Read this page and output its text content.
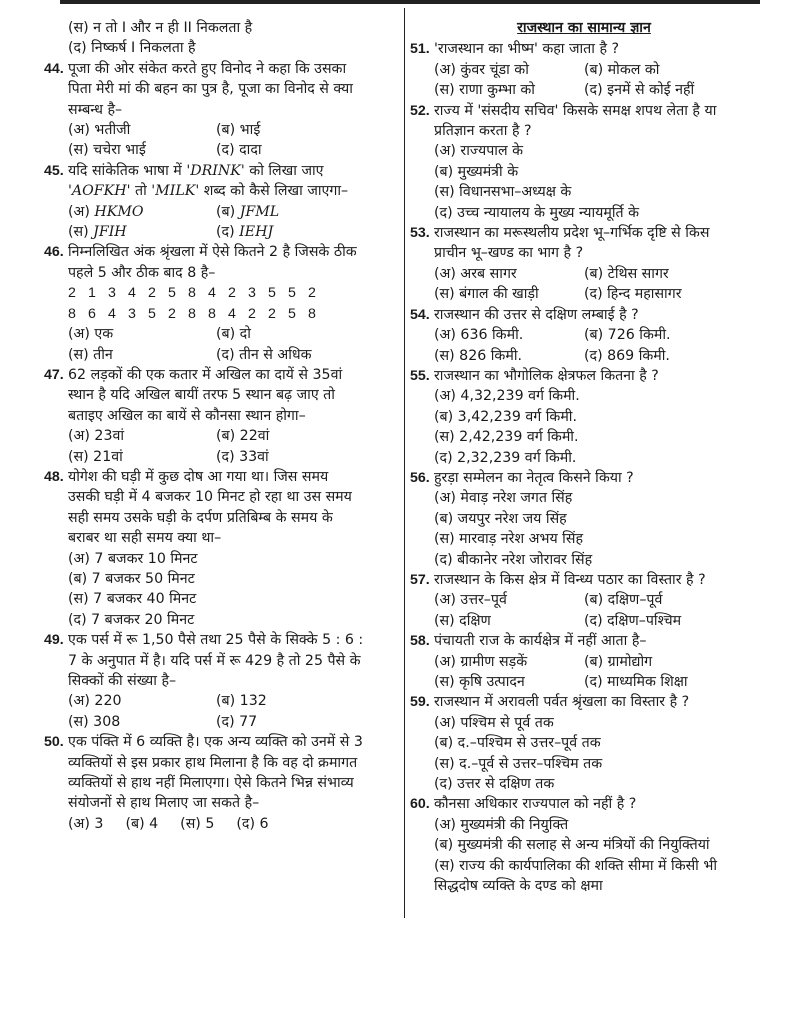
(स) न तो I और न ही II निकलता है
(द) निष्कर्ष I निकलता है
44. पूजा की ओर संकेत करते हुए विनोद ने कहा कि उसका पिता मेरी मां की बहन का पुत्र है, पूजा का विनोद से क्या सम्बन्ध है–
(अ) भतीजी	(ब) भाई
(स) चचेरा भाई	(द) दादा
45. यदि सांकेतिक भाषा में 'DRINK' को लिखा जाए 'AOFKH' तो 'MILK' शब्द को कैसे लिखा जाएगा–
(अ) HKMO	(ब) JFML
(स) JFIH	(द) IEHJ
46. निम्नलिखित अंक श्रृंखला में ऐसे कितने 2 है जिसके ठीक पहले 5 और ठीक बाद 8 है–
2 1 3 4 2 5 8 4 2 3 5 5 2
8 6 4 3 5 2 8 8 4 2 2 5 8
(अ) एक	(ब) दो
(स) तीन	(द) तीन से अधिक
47. 62 लड़कों की एक कतार में अखिल का दायें से 35वां स्थान है यदि अखिल बायीं तरफ 5 स्थान बढ़ जाए तो बताइए अखिल का बायें से कौनसा स्थान होगा–
(अ) 23वां	(ब) 22वां
(स) 21वां	(द) 33वां
48. योगेश की घड़ी में कुछ दोष आ गया था। जिस समय उसकी घड़ी में 4 बजकर 10 मिनट हो रहा था उस समय सही समय उसके घड़ी के दर्पण प्रतिबिम्ब के समय के बराबर था सही समय क्या था–
(अ) 7 बजकर 10 मिनट
(ब) 7 बजकर 50 मिनट
(स) 7 बजकर 40 मिनट
(द) 7 बजकर 20 मिनट
49. एक पर्स में रू 1,50 पैसे तथा 25 पैसे के सिक्के 5 : 6 : 7 के अनुपात में है। यदि पर्स में रू 429 है तो 25 पैसे के सिक्कों की संख्या है–
(अ) 220	(ब) 132
(स) 308	(द) 77
50. एक पंक्ति में 6 व्यक्ति है। एक अन्य व्यक्ति को उनमें से 3 व्यक्तियों से इस प्रकार हाथ मिलाना है कि वह दो क्रमागत व्यक्तियों से हाथ नहीं मिलाएगा। ऐसे कितने भिन्न संभाव्य संयोजनों से हाथ मिलाए जा सकते है–
(अ) 3 (ब) 4 (स) 5 (द) 6
राजस्थान का सामान्य ज्ञान
51. 'राजस्थान का भीष्म' कहा जाता है ?
(अ) कुंवर चूंडा को	(ब) मोकल को
(स) राणा कुम्भा को	(द) इनमें से कोई नहीं
52. राज्य में 'संसदीय सचिव' किसके समक्ष शपथ लेता है या प्रतिज्ञान करता है ?
(अ) राज्यपाल के
(ब) मुख्यमंत्री के
(स) विधानसभा–अध्यक्ष के
(द) उच्च न्यायालय के मुख्य न्यायमूर्ति के
53. राजस्थान का मरूस्थलीय प्रदेश भू–गर्भिक दृष्टि से किस प्राचीन भू–खण्ड का भाग है ?
(अ) अरब सागर	(ब) टेथिस सागर
(स) बंगाल की खाड़ी	(द) हिन्द महासागर
54. राजस्थान की उत्तर से दक्षिण लम्बाई है ?
(अ) 636 किमी.	(ब) 726 किमी.
(स) 826 किमी.	(द) 869 किमी.
55. राजस्थान का भौगोलिक क्षेत्रफल कितना है ?
(अ) 4,32,239 वर्ग किमी.
(ब) 3,42,239 वर्ग किमी.
(स) 2,42,239 वर्ग किमी.
(द) 2,32,239 वर्ग किमी.
56. हुरड़ा सम्मेलन का नेतृत्व किसने किया ?
(अ) मेवाड़ नरेश जगत सिंह
(ब) जयपुर नरेश जय सिंह
(स) मारवाड़ नरेश अभय सिंह
(द) बीकानेर नरेश जोरावर सिंह
57. राजस्थान के किस क्षेत्र में विन्ध्य पठार का विस्तार है ?
(अ) उत्तर–पूर्व	(ब) दक्षिण–पूर्व
(स) दक्षिण	(द) दक्षिण–पश्चिम
58. पंचायती राज के कार्यक्षेत्र में नहीं आता है–
(अ) ग्रामीण सड़कें	(ब) ग्रामोद्योग
(स) कृषि उत्पादन	(द) माध्यमिक शिक्षा
59. राजस्थान में अरावली पर्वत श्रृंखला का विस्तार है ?
(अ) पश्चिम से पूर्व तक
(ब) द.–पश्चिम से उत्तर–पूर्व तक
(स) द.–पूर्व से उत्तर–पश्चिम तक
(द) उत्तर से दक्षिण तक
60. कौनसा अधिकार राज्यपाल को नहीं है ?
(अ) मुख्यमंत्री की नियुक्ति
(ब) मुख्यमंत्री की सलाह से अन्य मंत्रियों की नियुक्तियां
(स) राज्य की कार्यपालिका की शक्ति सीमा में किसी भी सिद्धदोष व्यक्ति के दण्ड को क्षमा
